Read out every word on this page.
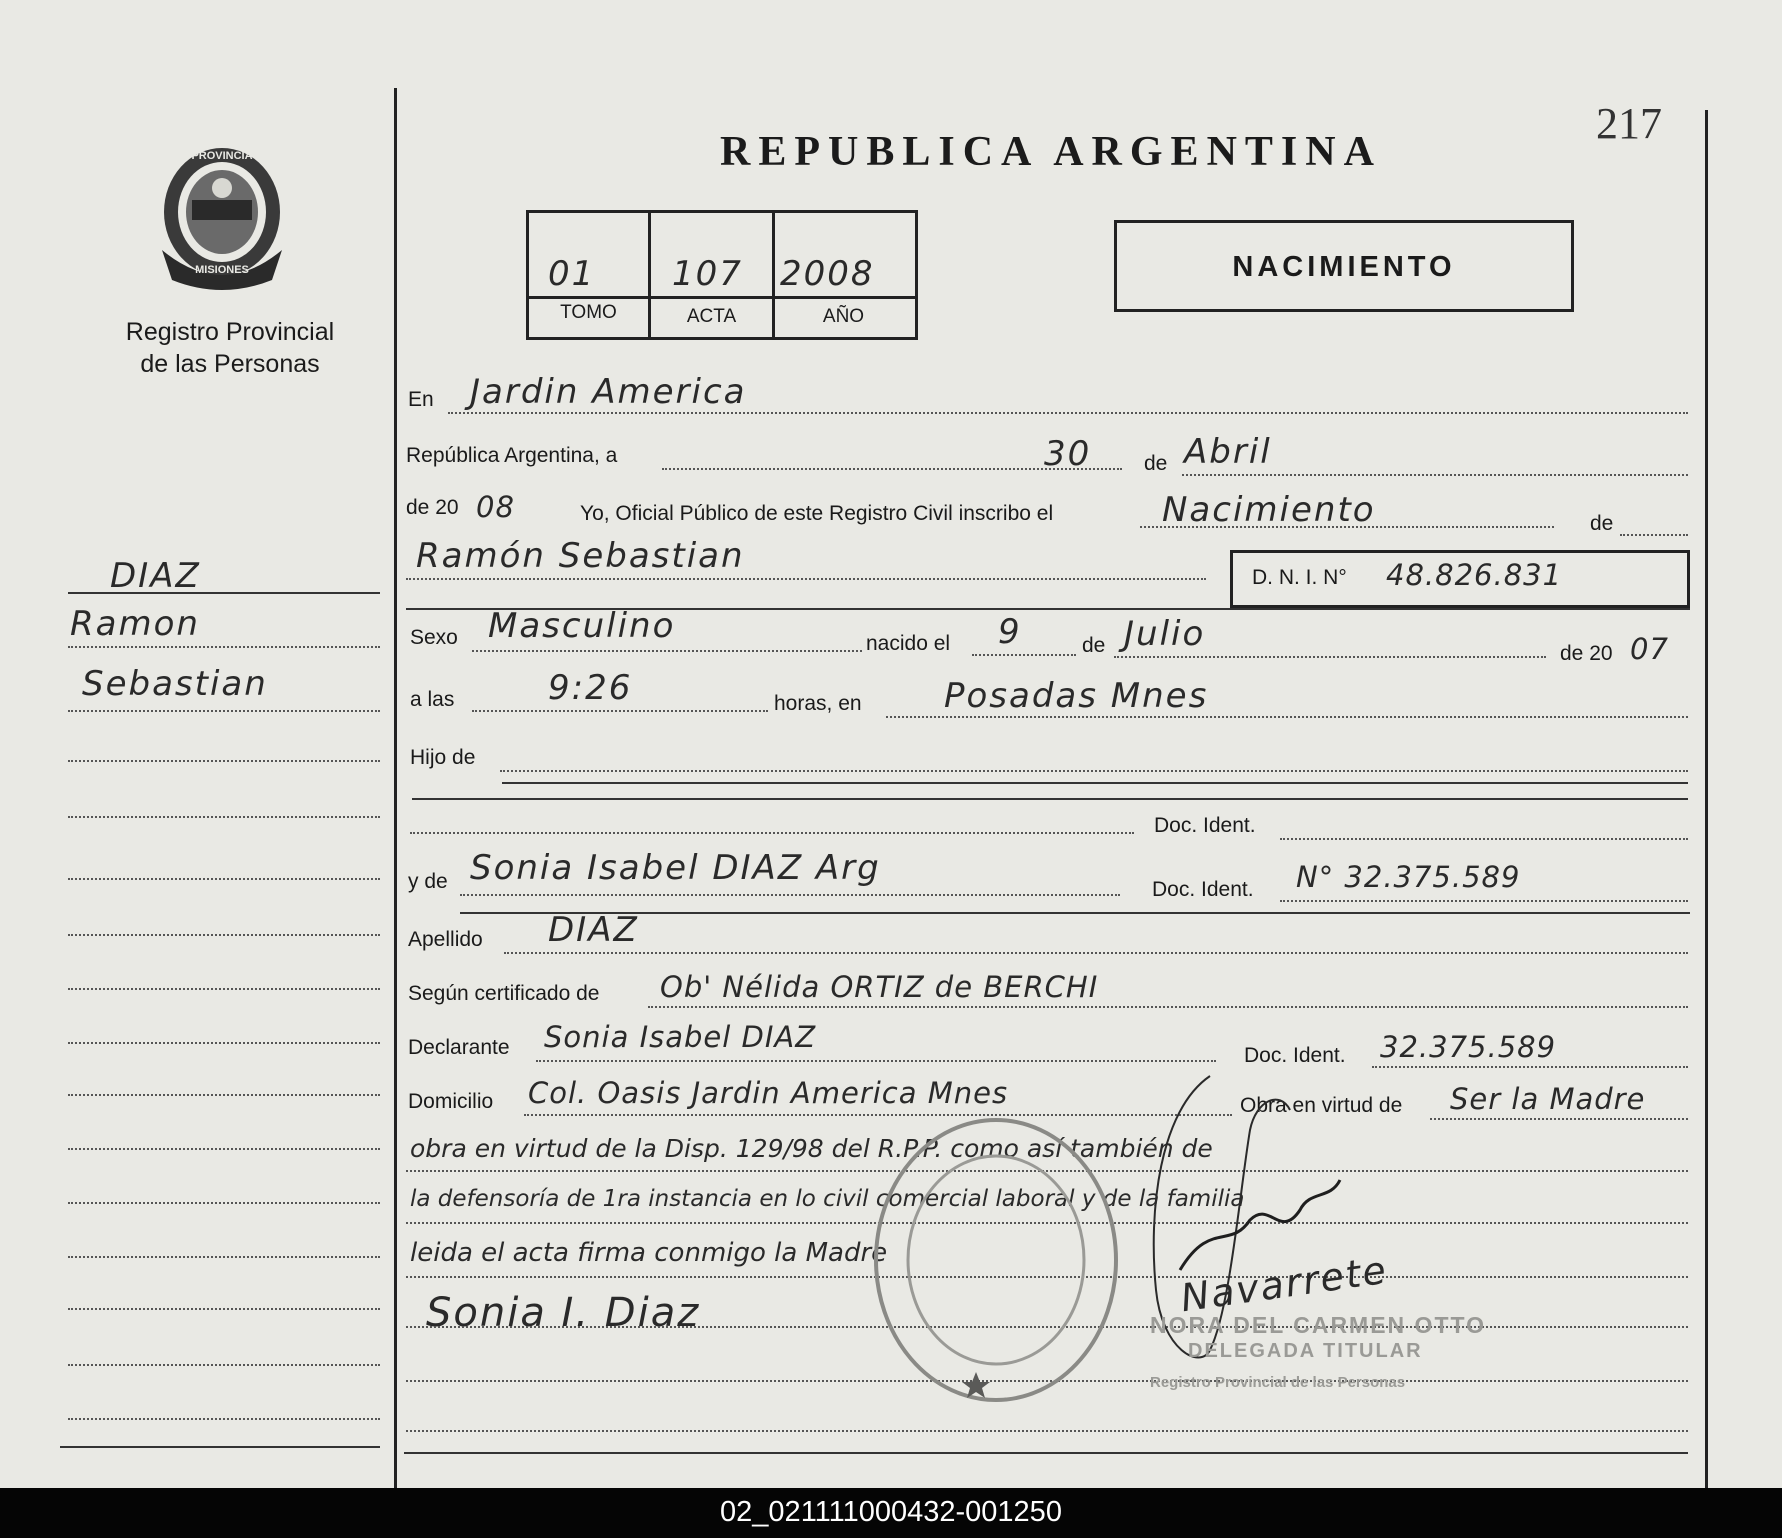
217
REPUBLICA ARGENTINA
PROVINCIA
MISIONES
Registro Provincial
de las Personas
01 107 2008
TOMO	ACTA	AÑO
NACIMIENTO
DIAZ
Ramon
Sebastian
En Jardin America
República Argentina, a	30	de Abril
de 20 08	Yo, Oficial Público de este Registro Civil inscribo el	Nacimiento	de
Ramón Sebastian
D. N. I. N° 48.826.831
Sexo Masculino	nacido el 9	de Julio	de 20 07
a las	9:26	horas, en Posadas Mnes
Hijo de
Doc. Ident.
y de Sonia Isabel DIAZ Arg
Doc. Ident. N° 32.375.589
Apellido DIAZ
Según certificado de Ob' Nélida ORTIZ de BERCHI
Declarante Sonia Isabel DIAZ
Doc. Ident. 32.375.589
Domicilio Col. Oasis Jardin America Mnes	Obra en virtud de Ser la Madre
obra en virtud de la Disp. 129/98 del R.P.P. como así también de
la defensoría de 1ra instancia en lo civil comercial laboral y de la familia
leida el acta firma conmigo la Madre
Sonia I. Diaz	Navarrete
NORA DEL CARMEN OTTO
DELEGADA TITULAR
Registro Provincial de las Personas
02_021111000432-001250
